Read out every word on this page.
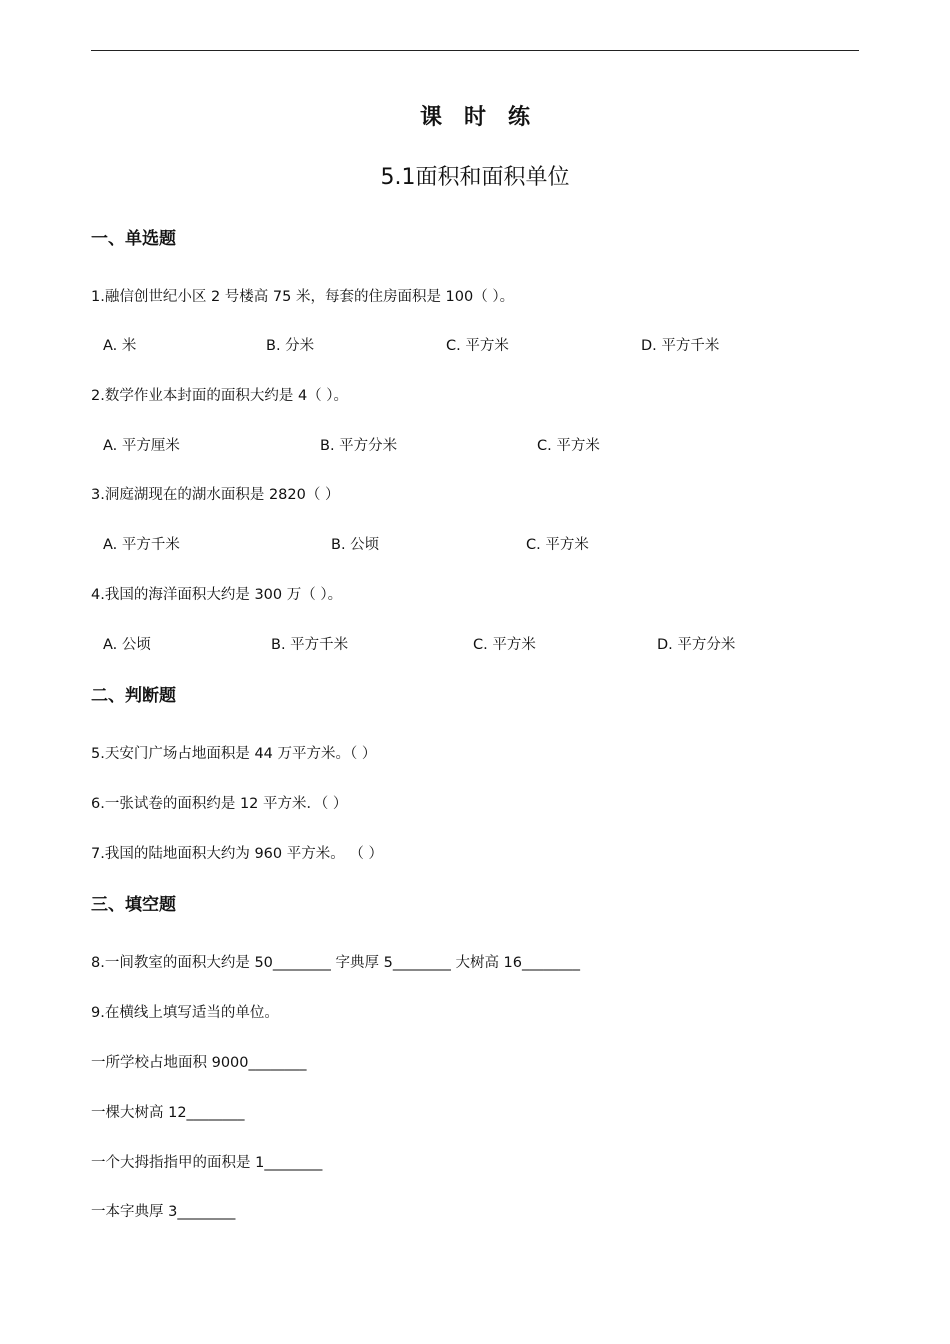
课时练
5.1面积和面积单位
一、单选题
1.融信创世纪小区 2 号楼高 75 米，每套的住房面积是 100（ ）。
A. 米	B. 分米	C. 平方米	D. 平方千米
2.数学作业本封面的面积大约是 4（ ）。
A. 平方厘米	B. 平方分米	C. 平方米
3.洞庭湖现在的湖水面积是 2820（ ）
A. 平方千米	B. 公顷	C. 平方米
4.我国的海洋面积大约是 300 万（ ）。
A. 公顷	B. 平方千米	C. 平方米	D. 平方分米
二、判断题
5.天安门广场占地面积是 44 万平方米。（ ）
6.一张试卷的面积约是 12 平方米．（ ）
7.我国的陆地面积大约为 960 平方米。 （ ）
三、填空题
8.一间教室的面积大约是 50________ 字典厚 5________ 大树高 16________
9.在横线上填写适当的单位。
一所学校占地面积 9000________
一棵大树高 12________
一个大拇指指甲的面积是 1________
一本字典厚 3________
